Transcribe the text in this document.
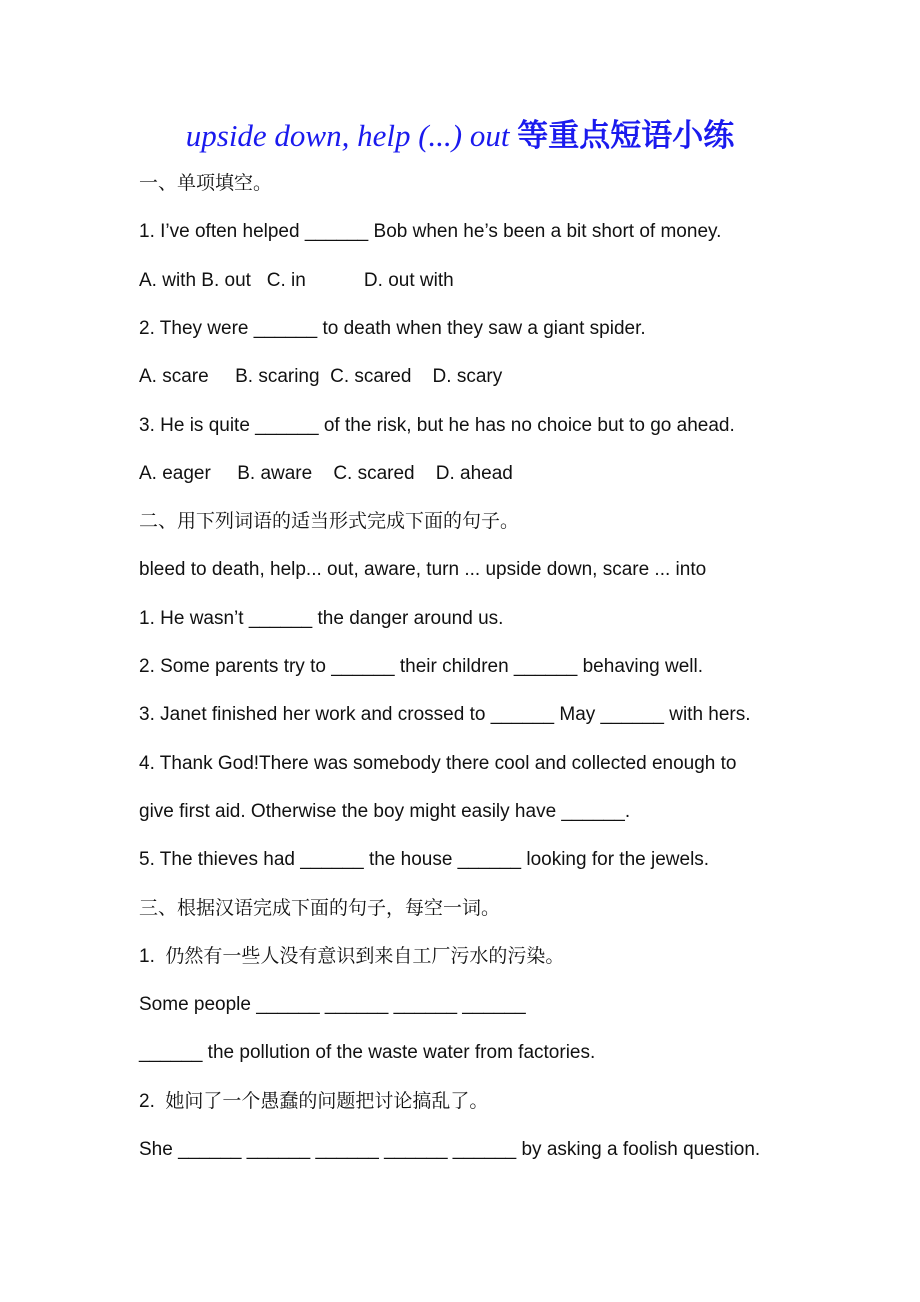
upside down, help (...) out 等重点短语小练
一、单项填空。
1. I’ve often helped ______ Bob when he’s been a bit short of money.
A. with B. out   C. in           D. out with
2. They were ______ to death when they saw a giant spider.
A. scare     B. scaring  C. scared    D. scary
3. He is quite ______ of the risk, but he has no choice but to go ahead.
A. eager     B. aware    C. scared    D. ahead
二、用下列词语的适当形式完成下面的句子。
bleed to death, help... out, aware, turn ... upside down, scare ... into
1. He wasn’t ______ the danger around us.
2. Some parents try to ______ their children ______ behaving well.
3. Janet finished her work and crossed to ______ May ______ with hers.
4. Thank God!There was somebody there cool and collected enough to
give first aid. Otherwise the boy might easily have ______.
5. The thieves had ______ the house ______ looking for the jewels.
三、根据汉语完成下面的句子，每空一词。
1.  仍然有一些人没有意识到来自工厂污水的污染。
Some people ______ ______ ______ ______
______ the pollution of the waste water from factories.
2.  她问了一个愚蠢的问题把讨论搞乱了。
She ______ ______ ______ ______ ______ by asking a foolish question.
